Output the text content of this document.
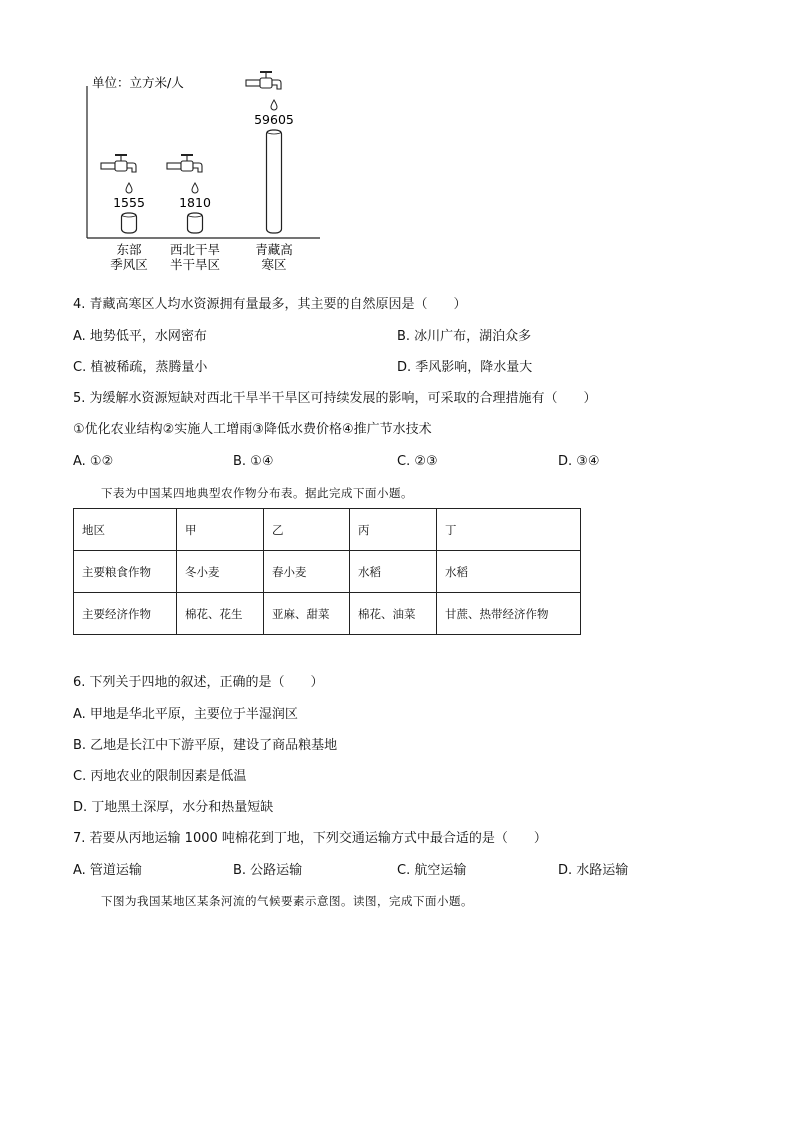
单位：立方米/人
1555
东部
季风区
1810
西北干旱
半干旱区
59605
青藏高
寒区
4. 青藏高寒区人均水资源拥有量最多，其主要的自然原因是（　　）
A. 地势低平，水网密布	B. 冰川广布，湖泊众多
C. 植被稀疏，蒸腾量小	D. 季风影响，降水量大
5. 为缓解水资源短缺对西北干旱半干旱区可持续发展的影响，可采取的合理措施有（　　）
①优化农业结构②实施人工增雨③降低水费价格④推广节水技术
A. ①②	B. ①④	C. ②③	D. ③④
下表为中国某四地典型农作物分布表。据此完成下面小题。
地区	甲	乙	丙	丁
主要粮食作物	冬小麦	春小麦	水稻	水稻
主要经济作物	棉花、花生	亚麻、甜菜	棉花、油菜	甘蔗、热带经济作物
6. 下列关于四地的叙述，正确的是（　　）
A. 甲地是华北平原，主要位于半湿润区
B. 乙地是长江中下游平原，建设了商品粮基地
C. 丙地农业的限制因素是低温
D. 丁地黑土深厚，水分和热量短缺
7. 若要从丙地运输 1000 吨棉花到丁地，下列交通运输方式中最合适的是（　　）
A. 管道运输	B. 公路运输	C. 航空运输	D. 水路运输
下图为我国某地区某条河流的气候要素示意图。读图，完成下面小题。
